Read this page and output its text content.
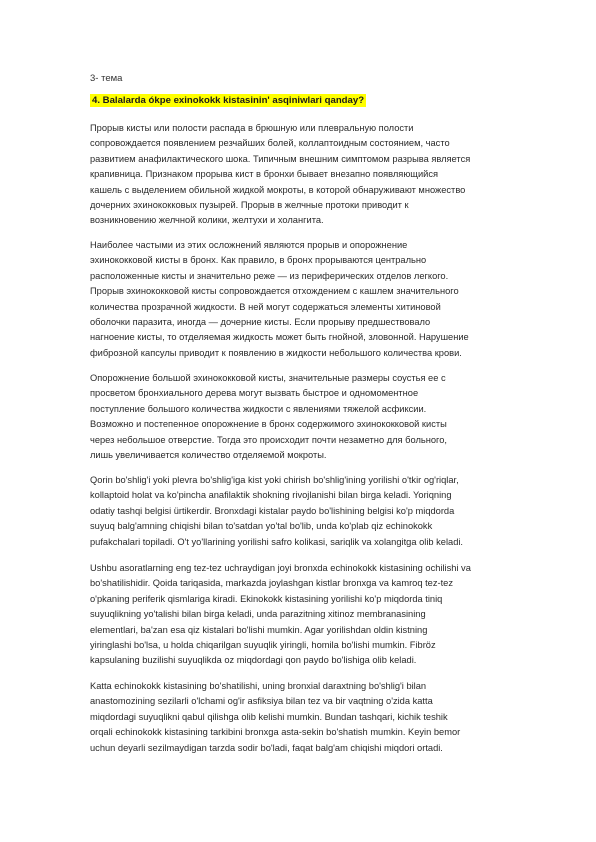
3- тема
4. Balalarda ókpe exinokokk kistasinin' asqiniwlari qanday?
Прорыв кисты или полости распада в брюшную или плевральную полости
сопровождается появлением резчайших болей, коллаптоидным состоянием, часто
развитием анафилактического шока. Типичным внешним симптомом разрыва является
крапивница. Признаком прорыва кист в бронхи бывает внезапно появляющийся
кашель с выделением обильной жидкой мокроты, в которой обнаруживают множество
дочерних эхинококковых пузырей. Прорыв в желчные протоки приводит к
возникновению желчной колики, желтухи и холангита.
Наиболее частыми из этих осложнений являются прорыв и опорожнение
эхинококковой кисты в бронх. Как правило, в бронх прорываются центрально
расположенные кисты и значительно реже — из периферических отделов легкого.
Прорыв эхинококковой кисты сопровождается отхождением с кашлем значительного
количества прозрачной жидкости. В ней могут содержаться элементы хитиновой
оболочки паразита, иногда — дочерние кисты. Если прорыву предшествовало
нагноение кисты, то отделяемая жидкость может быть гнойной, зловонной. Нарушение
фиброзной капсулы приводит к появлению в жидкости небольшого количества крови.
Опорожнение большой эхинококковой кисты, значительные размеры соустья ее с
просветом бронхиального дерева могут вызвать быстрое и одномоментное
поступление большого количества жидкости с явлениями тяжелой асфиксии.
Возможно и постепенное опорожнение в бронх содержимого эхинококковой кисты
через небольшое отверстие. Тогда это происходит почти незаметно для больного,
лишь увеличивается количество отделяемой мокроты.
Qorin bo'shlig'i yoki plevra bo'shlig'iga kist yoki chirish bo'shlig'ining yorilishi o'tkir og'riqlar,
kollaptoid holat va ko'pincha anafilaktik shokning rivojlanishi bilan birga keladi. Yoriqning
odatiy tashqi belgisi ürtikerdir. Bronxdagi kistalar paydo bo'lishining belgisi ko'p miqdorda
suyuq balg'amning chiqishi bilan to'satdan yo'tal bo'lib, unda ko'plab qiz echinokokk
pufakchalari topiladi. O't yo'llarining yorilishi safro kolikasi, sariqlik va xolangitga olib keladi.
Ushbu asoratlarning eng tez-tez uchraydigan joyi bronxda echinokokk kistasining ochilishi va
bo'shatilishidir. Qoida tariqasida, markazda joylashgan kistlar bronxga va kamroq tez-tez
o'pkaning periferik qismlariga kiradi. Ekinokokk kistasining yorilishi ko'p miqdorda tiniq
suyuqlikning yo'talishi bilan birga keladi, unda parazitning xitinoz membranasining
elementlari, ba'zan esa qiz kistalari bo'lishi mumkin. Agar yorilishdan oldin kistning
yiringlashi bo'lsa, u holda chiqarilgan suyuqlik yiringli, homila bo'lishi mumkin. Fibröz
kapsulaning buzilishi suyuqlikda oz miqdordagi qon paydo bo'lishiga olib keladi.
Katta echinokokk kistasining bo'shatilishi, uning bronxial daraxtning bo'shlig'i bilan
anastomozining sezilarli o'lchami og'ir asfiksiya bilan tez va bir vaqtning o'zida katta
miqdordagi suyuqlikni qabul qilishga olib kelishi mumkin. Bundan tashqari, kichik teshik
orqali echinokokk kistasining tarkibini bronxga asta-sekin bo'shatish mumkin. Keyin bemor
uchun deyarli sezilmaydigan tarzda sodir bo'ladi, faqat balg'am chiqishi miqdori ortadi.
